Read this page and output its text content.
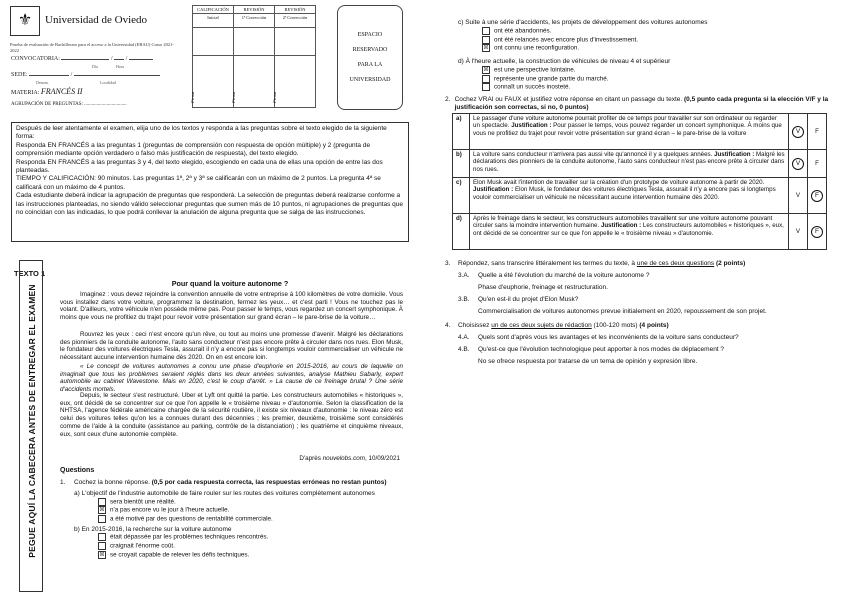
⚜	Universidad de Oviedo
Prueba de evaluación de Bachillerato para el acceso a la Universidad (EBAU) Curso 2021-2022
CONVOCATORIA:	/  /
Día	Hora
SEDE:	/
Denom.	Localidad
MATERIA: FRANCÉS II
AGRUPACIÓN DE PREGUNTAS: ..................................
CALIFICACIÓN	REVISIÓN	REVISIÓN
Inicial	1ª Corrección	2ª Corrección

Firma	Firma	Firma
ESPACIO
RESERVADO
PARA LA
UNIVERSIDAD

Después de leer atentamente el examen, elija uno de los textos y responda a las preguntas sobre el texto elegido de la siguiente forma:

Responda EN FRANCÉS a las preguntas 1 (preguntas de comprensión con respuesta de opción múltiple) y 2 (pregunta de comprensión mediante opción verdadero o falso más justificación de respuesta), del texto elegido.

Responda EN FRANCÉS a las preguntas 3 y 4, del texto elegido, escogiendo en cada una de ellas una opción de entre las dos planteadas.

TIEMPO Y CALIFICACIÓN: 90 minutos. Las preguntas 1ª, 2ª y 3ª se calificarán con un máximo de 2 puntos. La pregunta 4ª se calificará con un máximo de 4 puntos.

Cada estudiante deberá indicar la agrupación de preguntas que responderá. La selección de preguntas deberá realizarse conforme a las instrucciones planteadas, no siendo válido seleccionar preguntas que sumen más de 10 puntos, ni agrupaciones de preguntas que no coincidan con las indicadas, lo que podrá conllevar la anulación de alguna pregunta que se salga de las instrucciones.

TEXTO 1
PEGUE AQUÍ LA CABECERA ANTES DE ENTREGAR EL EXAMEN
Pour quand la voiture autonome ?

Imaginez : vous devez rejoindre la convention annuelle de votre entreprise à 100 kilomètres de votre domicile. Vous vous installez dans votre voiture, programmez la destination, fermez les yeux… et c'est parti ! Vous ne touchez pas le volant. D'ailleurs, votre véhicule n'en possède même pas. Pour passer le temps, vous regardez un concert symphonique. À moins que vous ne profitiez du trajet pour revoir votre présentation sur grand écran – le pare-brise de la voiture…

Rouvrez les yeux : ceci n'est encore qu'un rêve, ou tout au moins une promesse d'avenir. Malgré les déclarations des pionniers de la conduite autonome, l'auto sans conducteur n'est pas encore prête à circuler dans nos rues. Elon Musk, le fondateur des voitures électriques Tesla, assurait il n'y a encore pas si longtemps vouloir commercialiser un véhicule ne nécessitant aucune intervention humaine dès 2020. On en est encore loin.

« Le concept de voitures autonomes a connu une phase d'euphorie en 2015-2016, au cours de laquelle on imaginait que tous les problèmes seraient réglés dans les deux années suivantes, analyse Mathieu Sabarly, expert automobile au cabinet Wavestone. Mais en 2020, c'est le coup d'arrêt. » La cause de ce freinage brutal ? Une série d'accidents mortels.

Depuis, le secteur s'est restructuré. Uber et Lyft ont quitté la partie. Les constructeurs automobiles « historiques », eux, ont décidé de se concentrer sur ce que l'on appelle le « troisième niveau » d'autonomie. Selon la classification de la NHTSA, l'agence fédérale américaine chargée de la sécurité routière, il existe six niveaux d'autonomie : le niveau zéro est celui des voitures telles qu'on les a connues durant des décennies ; les premier, deuxième, troisième sont considérés comme de l'aide à la conduite (assistance au parking, contrôle de la distanciation) ; les quatrième et cinquième niveaux, eux, sont ceux d'une autonomie complète.

D'après nouvelobs.com, 10/09/2021
Questions
1.	Cochez la bonne réponse. (0,5 por cada respuesta correcta, las respuestas erróneas no restan puntos)
a) L'objectif de l'industrie automobile de faire rouler sur les routes des voitures complètement autonomes
sera bientôt une réalité.
☒ n'a pas encore vu le jour à l'heure actuelle.
a été motivé par des questions de rentabilité commerciale.
b) En 2015-2016, la recherche sur la voiture autonome
était dépassée par les problèmes techniques rencontrés.
craignait l'énorme coût.
☒ se croyait capable de relever les défis techniques.
c) Suite à une série d'accidents, les projets de développement des voitures autonomes
ont été abandonnés.
ont été relancés avec encore plus d'investissement.
☒ ont connu une reconfiguration.
d) À l'heure actuelle, la construction de véhicules de niveau 4 et supérieur
☒ est une perspective lointaine.
représente une grande partie du marché.
connaît un succès inosteté.
2. Cochez VRAI ou FAUX et justifiez votre réponse en citant un passage du texte. (0,5 punto cada pregunta si la elección V/F y la justificación son correctas, si no, 0 puntos)
a)	Le passager d'une voiture autonome pourrait profiter de ce temps pour travailler sur son ordinateur ou regarder un spectacle. Justification : Pour passer le temps, vous pouvez regarder un concert symphonique. À moins que vous ne profitiez du trajet pour revoir votre présentation sur grand écran – le pare-brise de la voiture	V	F
b)	La voiture sans conducteur n'arrivera pas aussi vite qu'annoncé il y a quelques années. Justification : Malgré les déclarations des pionniers de la conduite autonome, l'auto sans conducteur n'est pas encore prête à circuler dans nos rues.	V	F
c)	Elon Musk avait l'intention de travailler sur la création d'un prototype de voiture autonome à partir de 2020. Justification : Elon Musk, le fondateur des voitures électriques Tesla, assurait il n'y a encore pas si longtemps vouloir commercialiser un véhicule ne nécessitant aucune intervention humaine dès 2020.	V	F
d)	Après le freinage dans le secteur, les constructeurs automobiles travaillent sur une voiture autonome pouvant circuler sans la moindre intervention humaine. Justification : Les constructeurs automobiles « historiques », eux, ont décidé de se concentrer sur ce que l'on appelle le « troisième niveau » d'autonomie.	V	F
3.	Répondez, sans transcrire littéralement les termes du texte, à une de ces deux questions (2 points)
3.A.	Quelle a été l'évolution du marché de la voiture autonome ?
Phase d'euphorie, freinage et restructuration.
3.B.	Qu'en est-il du projet d'Elon Musk?
Commercialisation de voitures autonomes prevue initialement en 2020, repoussement de son projet.
4.	Choisissez un de ces deux sujets de rédaction (100-120 mots) (4 points)
4.A.	Quels sont d'après vous les avantages et les inconvénients de la voiture sans conducteur?
4.B.	Qu'est-ce que l'évolution technologique peut apporter à nos modes de déplacement ?
No se ofrece respuesta por tratarse de un tema de opinión y expresión libre.
